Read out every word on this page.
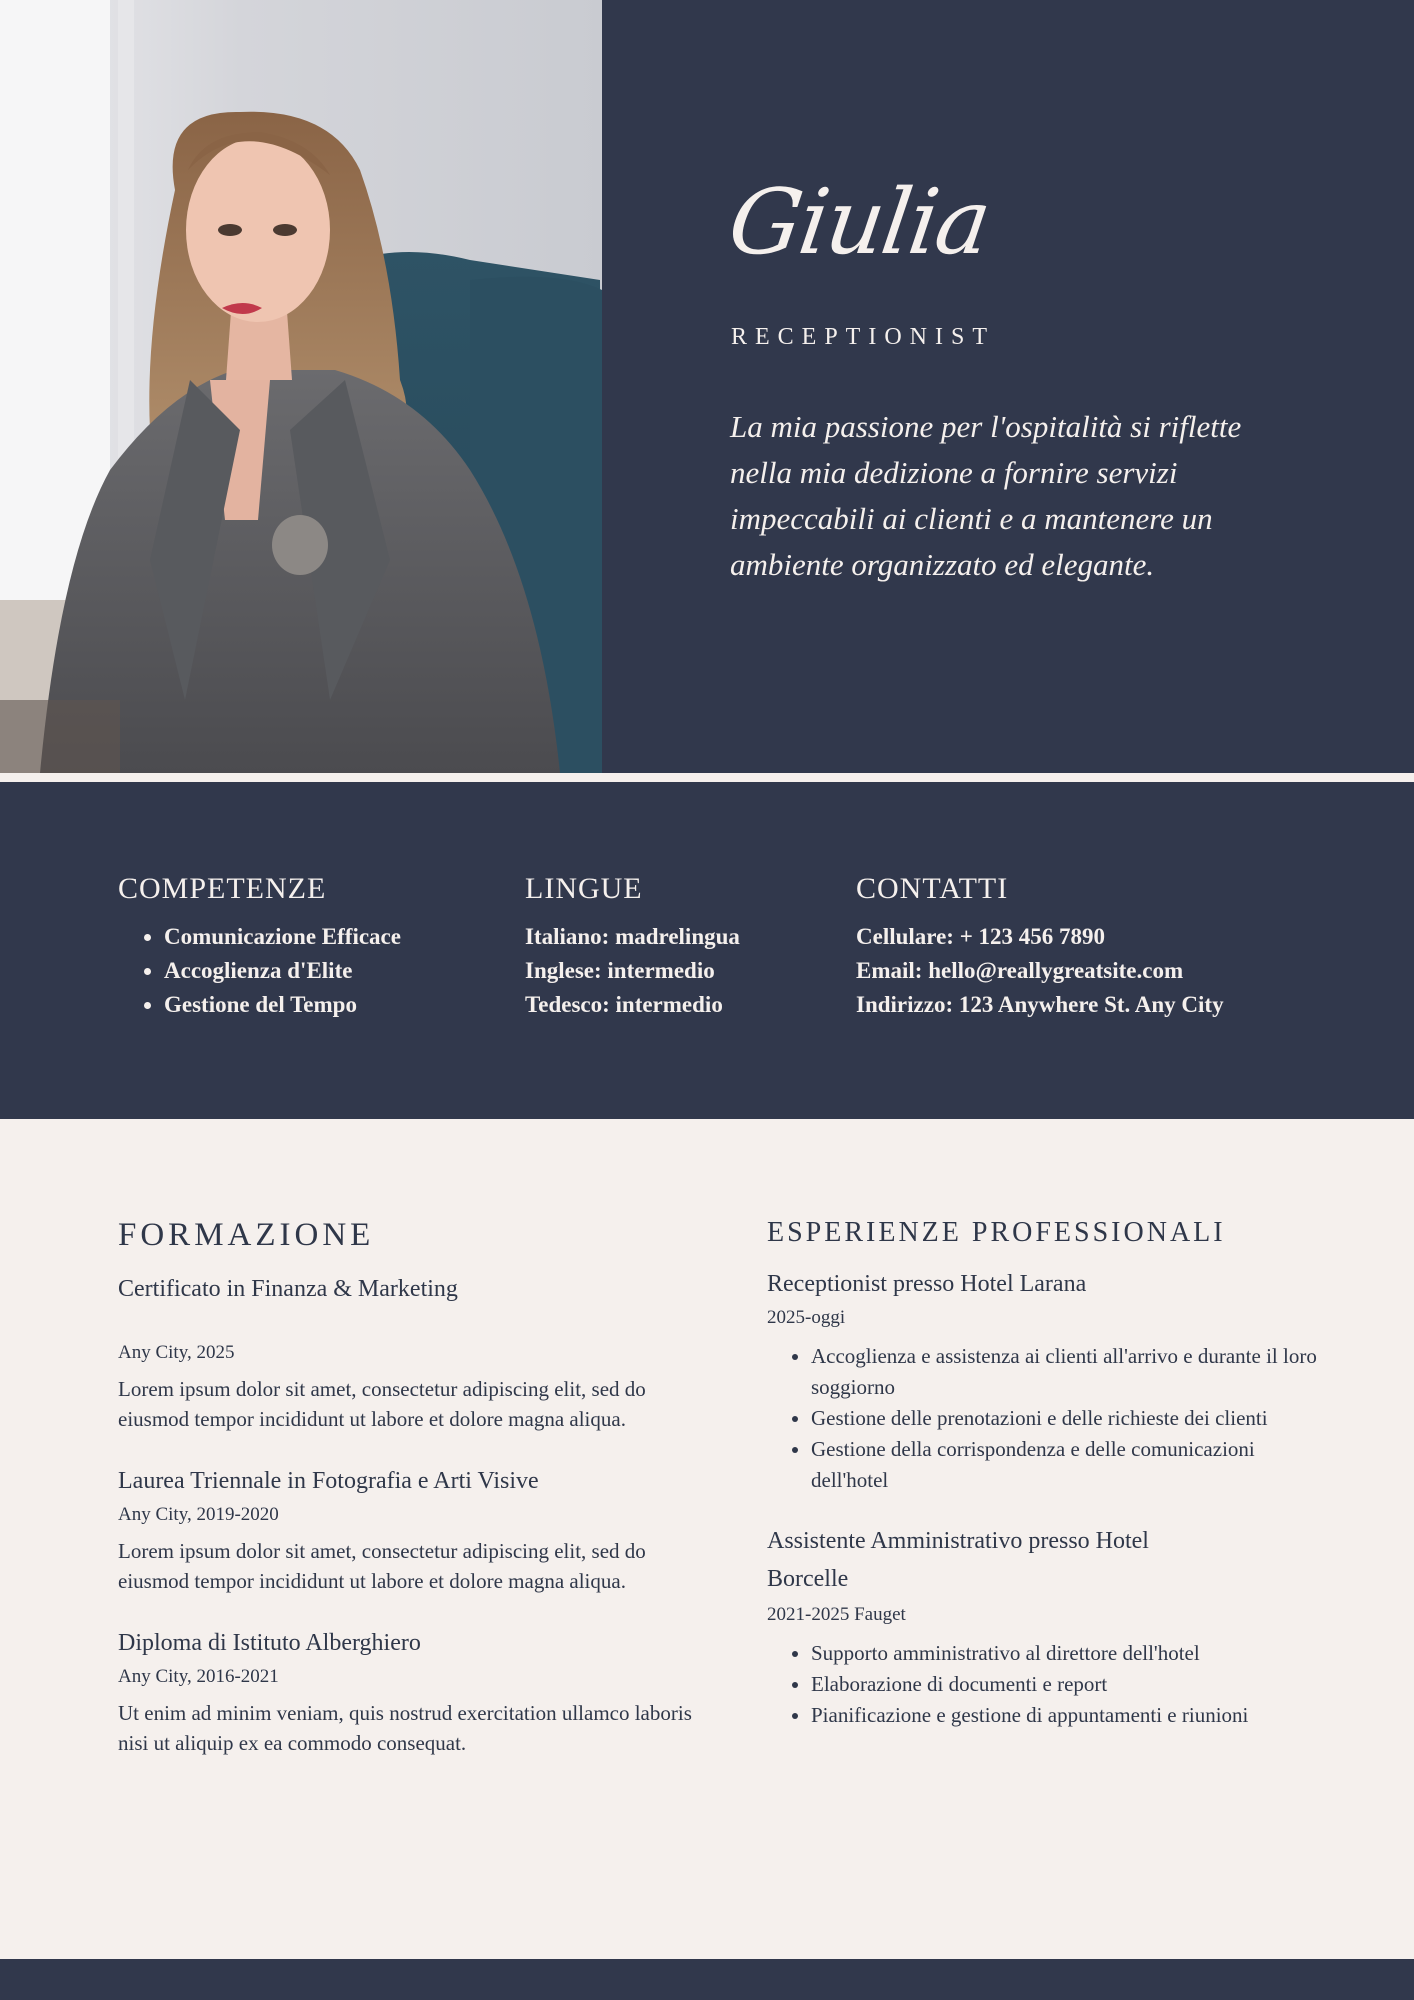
Giulia
RECEPTIONIST
La mia passione per l'ospitalità si riflette nella mia dedizione a fornire servizi impeccabili ai clienti e a mantenere un ambiente organizzato ed elegante.
COMPETENZE
• Comunicazione Efficace
• Accoglienza d'Elite
• Gestione del Tempo
LINGUE
Italiano: madrelingua
Inglese: intermedio
Tedesco: intermedio
CONTATTI
Cellulare: + 123 456 7890
Email: hello@reallygreatsite.com
Indirizzo: 123 Anywhere St. Any City
FORMAZIONE
Certificato in Finanza & Marketing
Any City, 2025
Lorem ipsum dolor sit amet, consectetur adipiscing elit, sed do eiusmod tempor incididunt ut labore et dolore magna aliqua.
Laurea Triennale in Fotografia e Arti Visive
Any City, 2019-2020
Lorem ipsum dolor sit amet, consectetur adipiscing elit, sed do eiusmod tempor incididunt ut labore et dolore magna aliqua.
Diploma di Istituto Alberghiero
Any City, 2016-2021
Ut enim ad minim veniam, quis nostrud exercitation ullamco laboris nisi ut aliquip ex ea commodo consequat.
ESPERIENZE PROFESSIONALI
Receptionist presso Hotel Larana
2025-oggi
• Accoglienza e assistenza ai clienti all'arrivo e durante il loro soggiorno
• Gestione delle prenotazioni e delle richieste dei clienti
• Gestione della corrispondenza e delle comunicazioni dell'hotel
Assistente Amministrativo presso Hotel Borcelle
2021-2025 Fauget
• Supporto amministrativo al direttore dell'hotel
• Elaborazione di documenti e report
• Pianificazione e gestione di appuntamenti e riunioni
